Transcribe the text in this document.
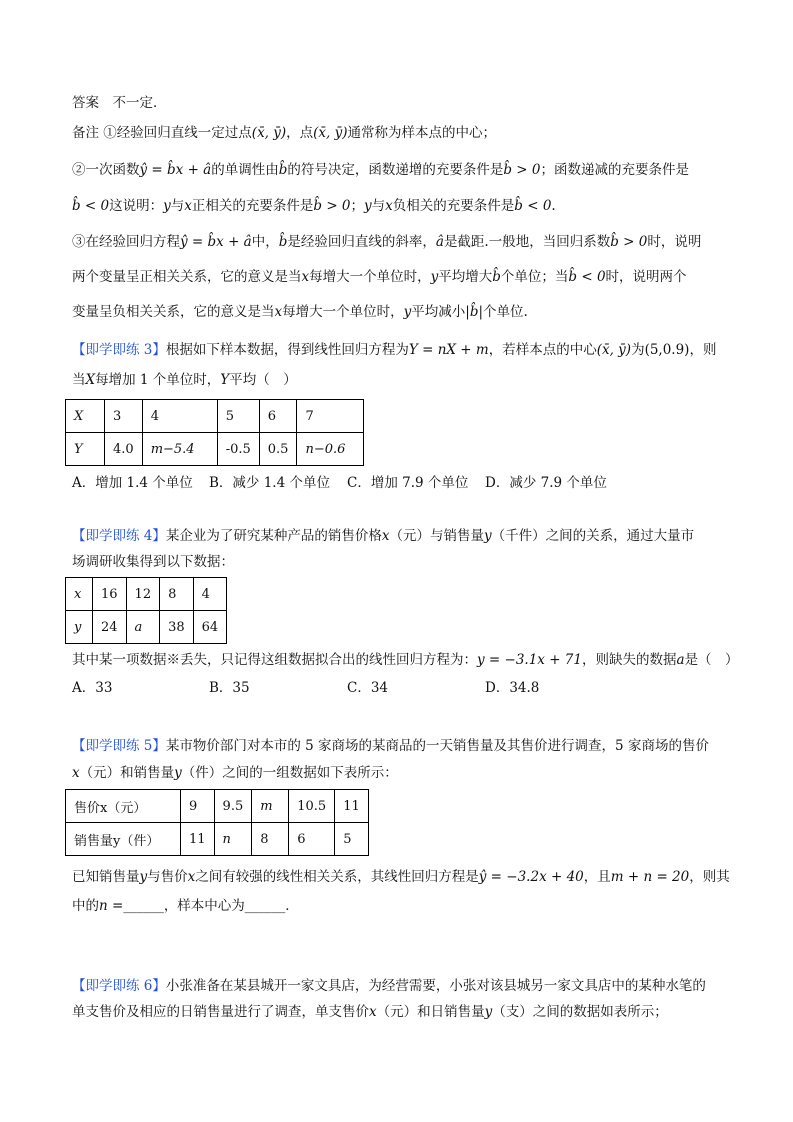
答案　不一定．
备注 ①经验回归直线一定过点(x̄, ȳ)，点(x̄, ȳ)通常称为样本点的中心；
②一次函数ŷ = b̂x + â的单调性由b̂的符号决定，函数递增的充要条件是b̂ > 0；函数递减的充要条件是
b̂ < 0这说明：y与x正相关的充要条件是b̂ > 0；y与x负相关的充要条件是b̂ < 0.
③在经验回归方程ŷ = b̂x + â中，b̂是经验回归直线的斜率，â是截距.一般地，当回归系数b̂ > 0时，说明
两个变量呈正相关关系，它的意义是当x每增大一个单位时，y平均增大b̂个单位；当b̂ < 0时，说明两个
变量呈负相关关系，它的意义是当x每增大一个单位时，y平均减小|b̂|个单位.
【即学即练 3】根据如下样本数据，得到线性回归方程为Y = nX + m，若样本点的中心(x̄, ȳ)为(5,0.9)，则
当X每增加 1 个单位时，Y平均（　）
X	3	4	5	6	7
Y	4.0	m−5.4	-0.5	0.5	n−0.6
A．增加 1.4 个单位 B．减少 1.4 个单位 C．增加 7.9 个单位 D．减少 7.9 个单位
【即学即练 4】某企业为了研究某种产品的销售价格x（元）与销售量y（千件）之间的关系，通过大量市
场调研收集得到以下数据：
x	16	12	8	4
y	24	a	38	64
其中某一项数据※丢失，只记得这组数据拟合出的线性回归方程为：y = −3.1x + 71，则缺失的数据a是（　）
A．33	B．35	C．34	D．34.8
【即学即练 5】某市物价部门对本市的 5 家商场的某商品的一天销售量及其售价进行调查，5 家商场的售价
x（元）和销售量y（件）之间的一组数据如下表所示：
售价x（元）	9	9.5	m	10.5	11
销售量y（件）	11	n	8	6	5
已知销售量y与售价x之间有较强的线性相关关系，其线性回归方程是ŷ = −3.2x + 40，且m + n = 20，则其
中的n =______，样本中心为______．
【即学即练 6】小张准备在某县城开一家文具店，为经营需要，小张对该县城另一家文具店中的某种水笔的
单支售价及相应的日销售量进行了调查，单支售价x（元）和日销售量y（支）之间的数据如表所示；
